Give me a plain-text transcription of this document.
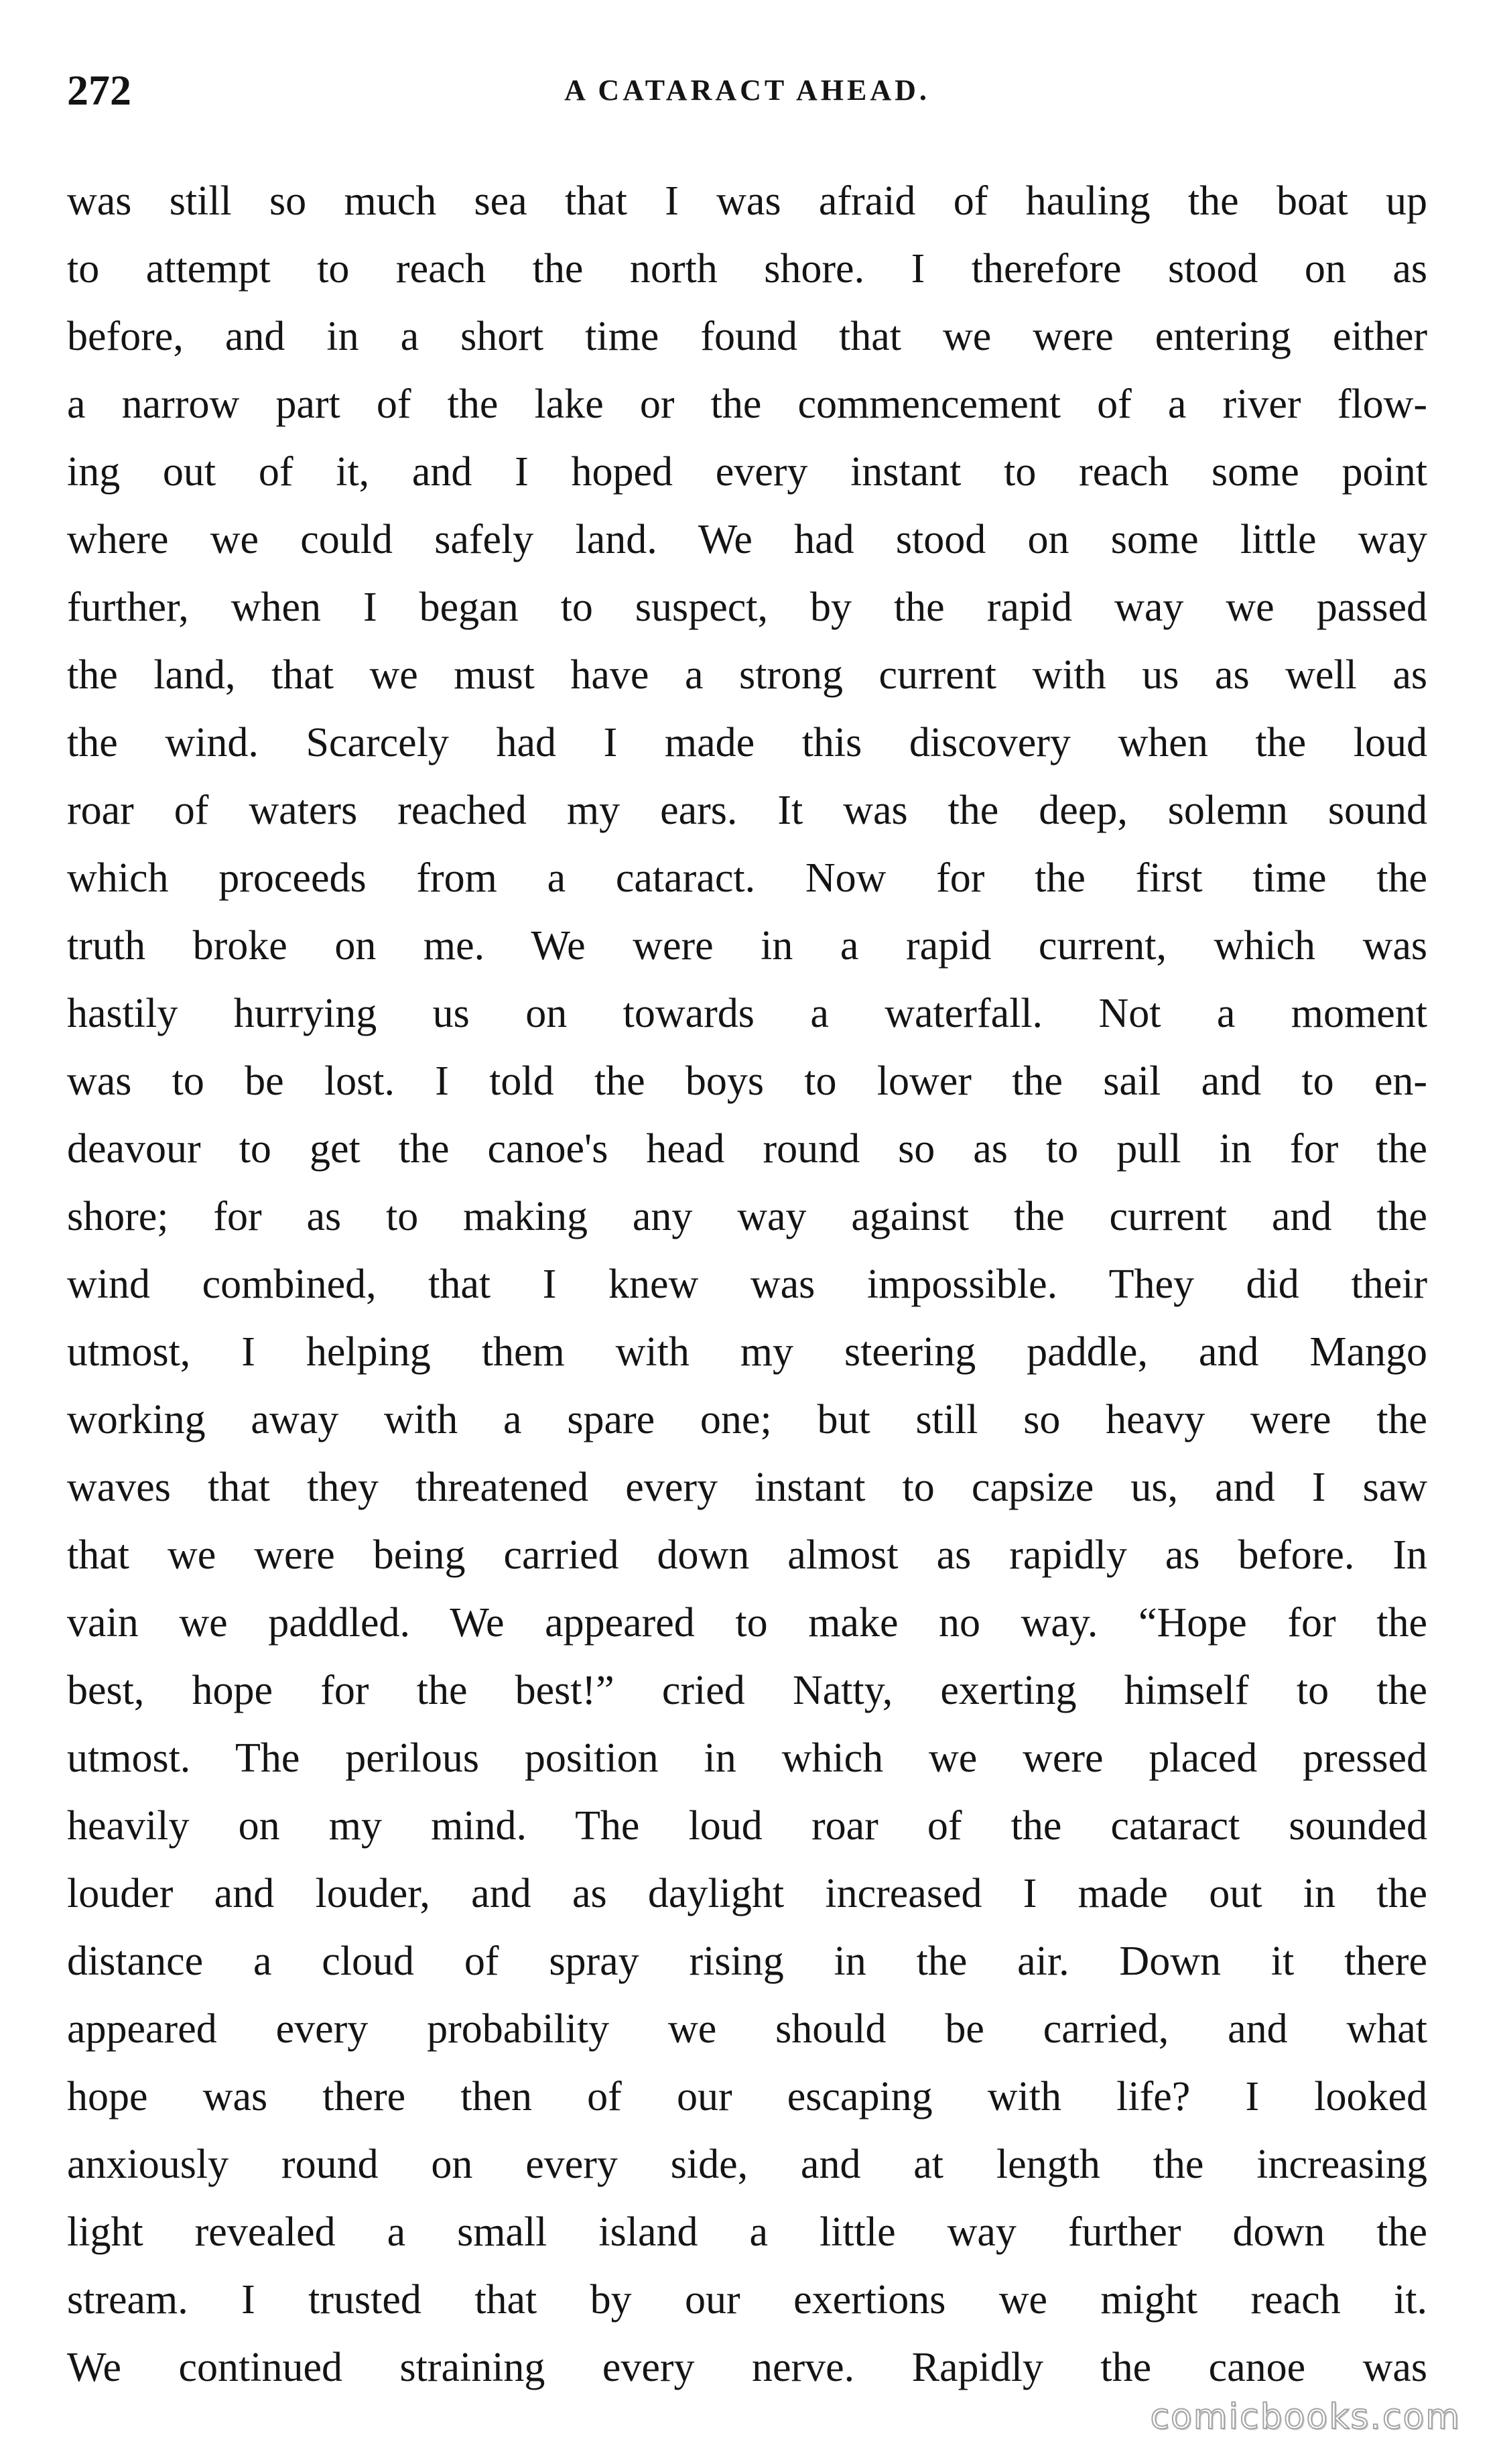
272	A CATARACT AHEAD.
was still so much sea that I was afraid of hauling the boat up
to attempt to reach the north shore. I therefore stood on as
before, and in a short time found that we were entering either
a narrow part of the lake or the commencement of a river flow-
ing out of it, and I hoped every instant to reach some point
where we could safely land. We had stood on some little way
further, when I began to suspect, by the rapid way we passed
the land, that we must have a strong current with us as well as
the wind. Scarcely had I made this discovery when the loud
roar of waters reached my ears. It was the deep, solemn sound
which proceeds from a cataract. Now for the first time the
truth broke on me. We were in a rapid current, which was
hastily hurrying us on towards a waterfall. Not a moment
was to be lost. I told the boys to lower the sail and to en-
deavour to get the canoe's head round so as to pull in for the
shore; for as to making any way against the current and the
wind combined, that I knew was impossible. They did their
utmost, I helping them with my steering paddle, and Mango
working away with a spare one; but still so heavy were the
waves that they threatened every instant to capsize us, and I saw
that we were being carried down almost as rapidly as before. In
vain we paddled. We appeared to make no way. “Hope for the
best, hope for the best!” cried Natty, exerting himself to the
utmost. The perilous position in which we were placed pressed
heavily on my mind. The loud roar of the cataract sounded
louder and louder, and as daylight increased I made out in the
distance a cloud of spray rising in the air. Down it there
appeared every probability we should be carried, and what
hope was there then of our escaping with life? I looked
anxiously round on every side, and at length the increasing
light revealed a small island a little way further down the
stream. I trusted that by our exertions we might reach it.
We continued straining every nerve. Rapidly the canoe was
comicbooks.com
